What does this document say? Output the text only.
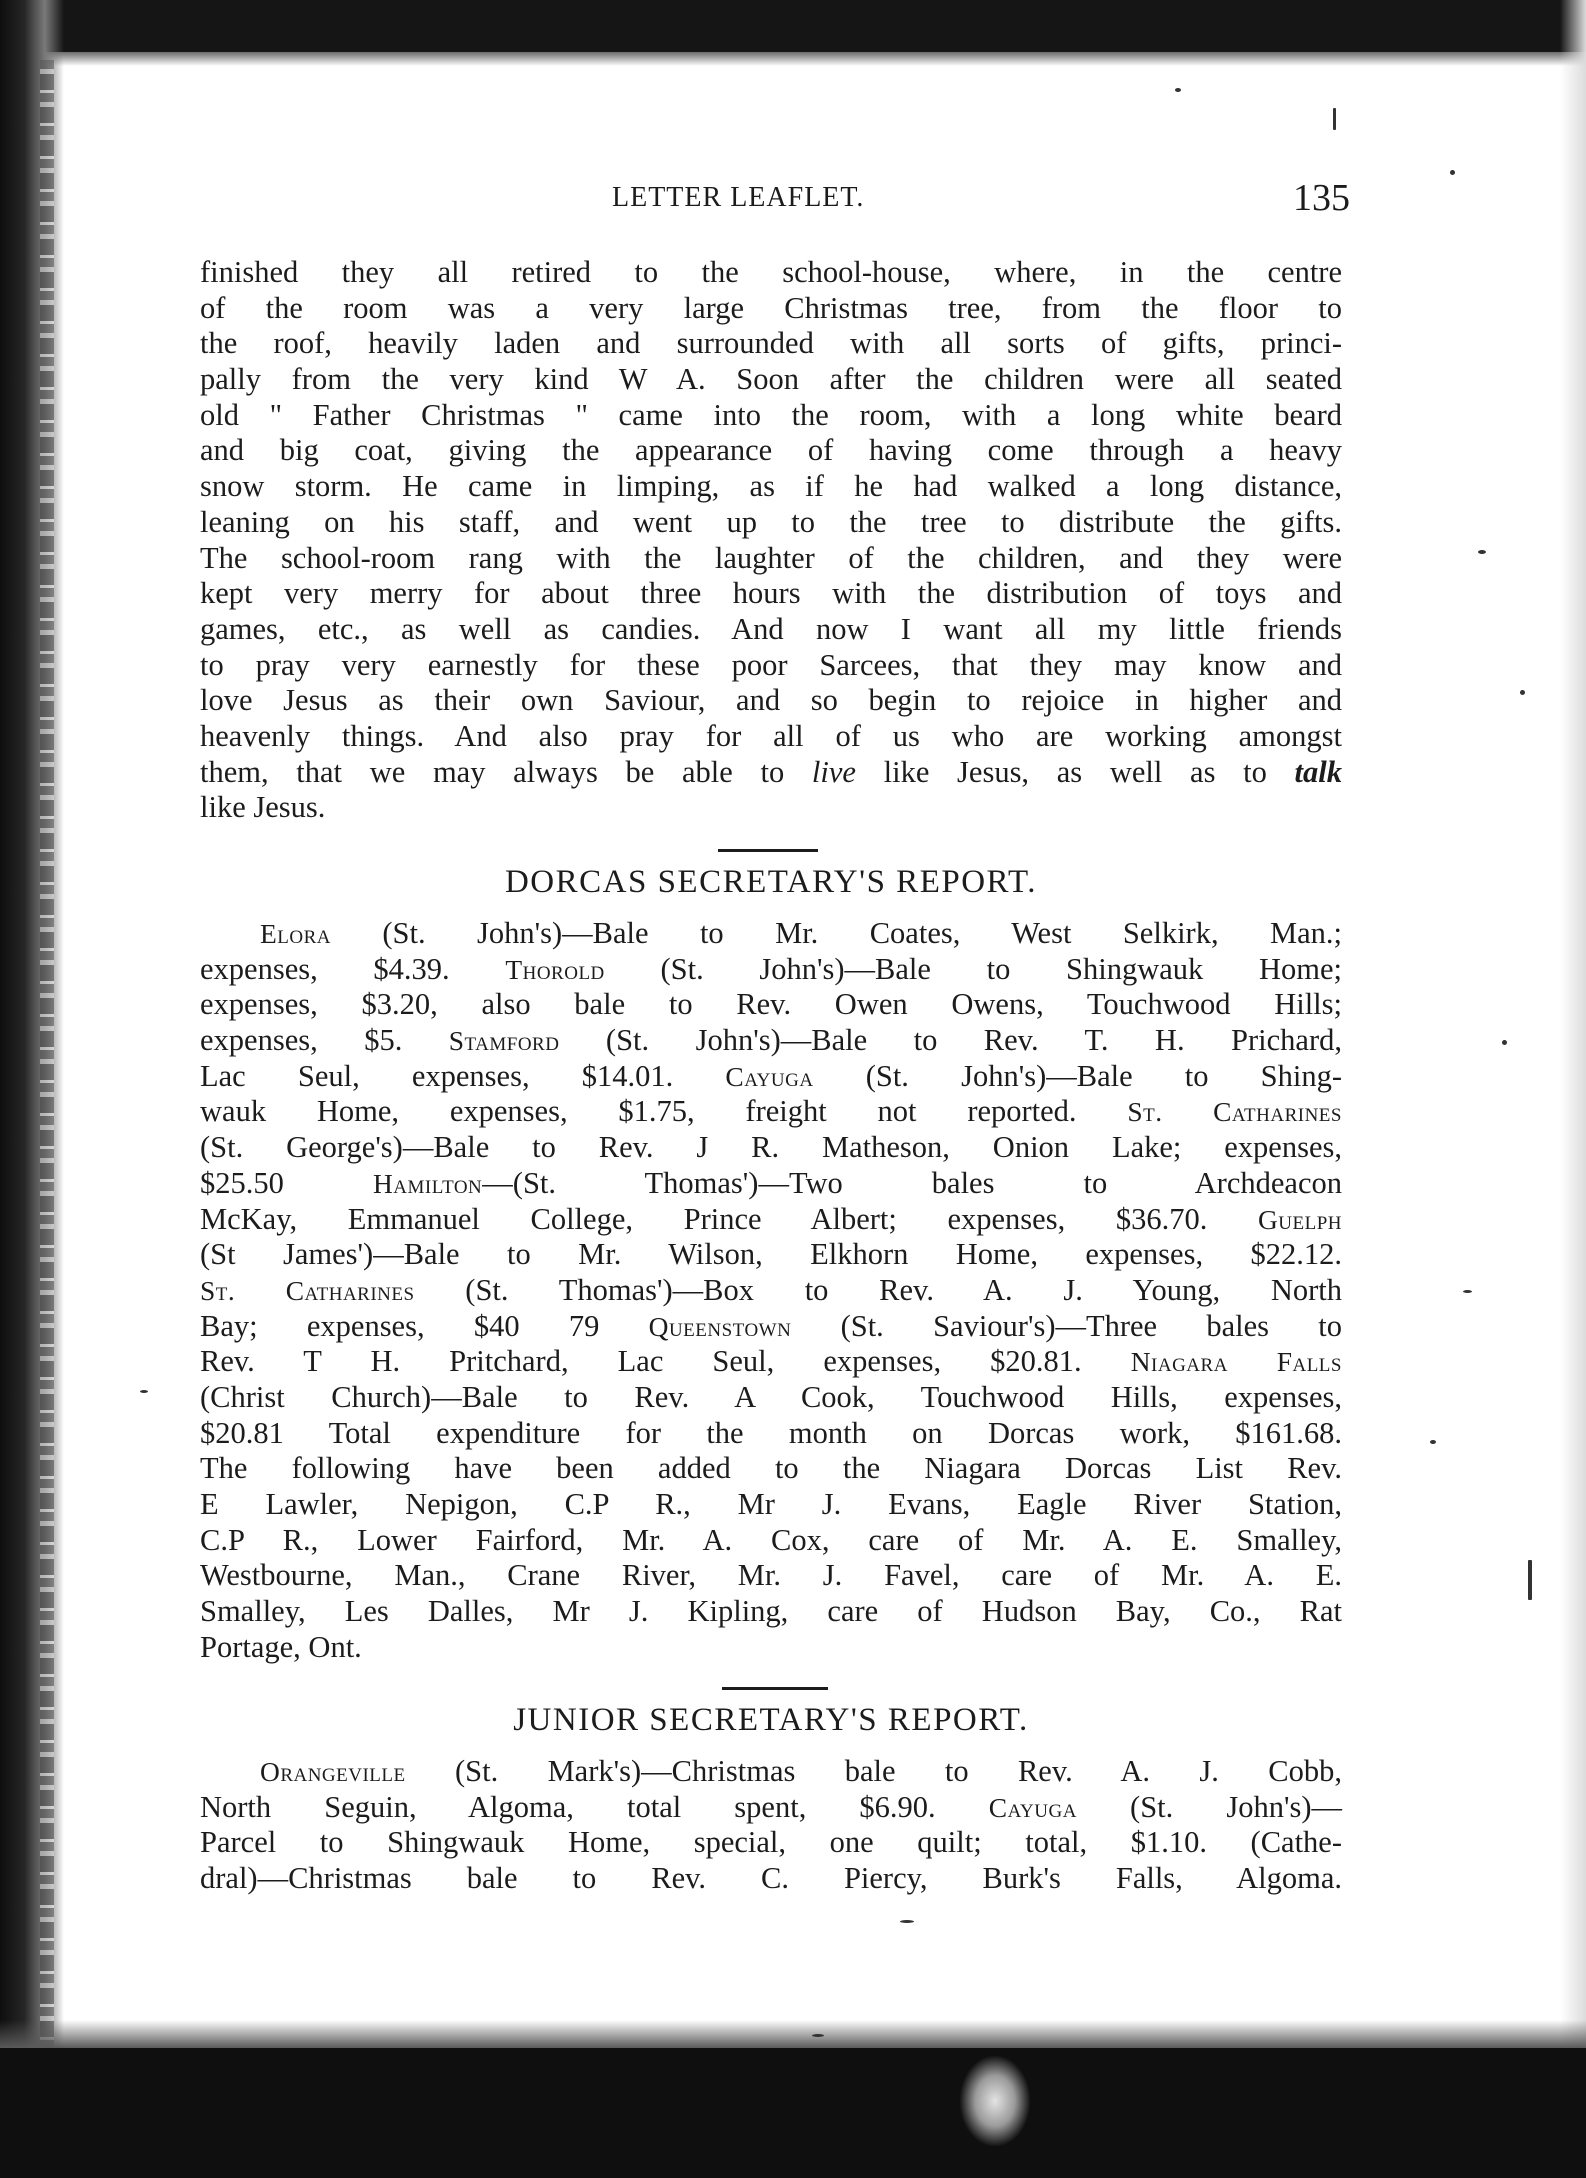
LETTER LEAFLET.	135
finished they all retired to the school-house, where, in the centre
of the room was a very large Christmas tree, from the floor to
the roof, heavily laden and surrounded with all sorts of gifts, princi-
pally from the very kind W A. Soon after the children were all seated
old " Father Christmas " came into the room, with a long white beard
and big coat, giving the appearance of having come through a heavy
snow storm. He came in limping, as if he had walked a long distance,
leaning on his staff, and went up to the tree to distribute the gifts.
The school-room rang with the laughter of the children, and they were
kept very merry for about three hours with the distribution of toys and
games, etc., as well as candies. And now I want all my little friends
to pray very earnestly for these poor Sarcees, that they may know and
love Jesus as their own Saviour, and so begin to rejoice in higher and
heavenly things. And also pray for all of us who are working amongst
them, that we may always be able to live like Jesus, as well as to talk
like Jesus.
DORCAS SECRETARY'S REPORT.
Elora (St. John's)—Bale to Mr. Coates, West Selkirk, Man.;
expenses, $4.39. Thorold (St. John's)—Bale to Shingwauk Home;
expenses, $3.20, also bale to Rev. Owen Owens, Touchwood Hills;
expenses, $5. Stamford (St. John's)—Bale to Rev. T. H. Prichard,
Lac Seul, expenses, $14.01. Cayuga (St. John's)—Bale to Shing-
wauk Home, expenses, $1.75, freight not reported. St. Catharines
(St. George's)—Bale to Rev. J R. Matheson, Onion Lake; expenses,
$25.50 Hamilton—(St. Thomas')—Two bales to Archdeacon
McKay, Emmanuel College, Prince Albert; expenses, $36.70. Guelph
(St James')—Bale to Mr. Wilson, Elkhorn Home, expenses, $22.12.
St. Catharines (St. Thomas')—Box to Rev. A. J. Young, North
Bay; expenses, $40 79 Queenstown (St. Saviour's)—Three bales to
Rev. T H. Pritchard, Lac Seul, expenses, $20.81. Niagara Falls
(Christ Church)—Bale to Rev. A Cook, Touchwood Hills, expenses,
$20.81 Total expenditure for the month on Dorcas work, $161.68.
The following have been added to the Niagara Dorcas List Rev.
E Lawler, Nepigon, C.P R., Mr J. Evans, Eagle River Station,
C.P R., Lower Fairford, Mr. A. Cox, care of Mr. A. E. Smalley,
Westbourne, Man., Crane River, Mr. J. Favel, care of Mr. A. E.
Smalley, Les Dalles, Mr J. Kipling, care of Hudson Bay, Co., Rat
Portage, Ont.
JUNIOR SECRETARY'S REPORT.
Orangeville (St. Mark's)—Christmas bale to Rev. A. J. Cobb,
North Seguin, Algoma, total spent, $6.90. Cayuga (St. John's)—
Parcel to Shingwauk Home, special, one quilt; total, $1.10. (Cathe-
dral)—Christmas bale to Rev. C. Piercy, Burk's Falls, Algoma.
